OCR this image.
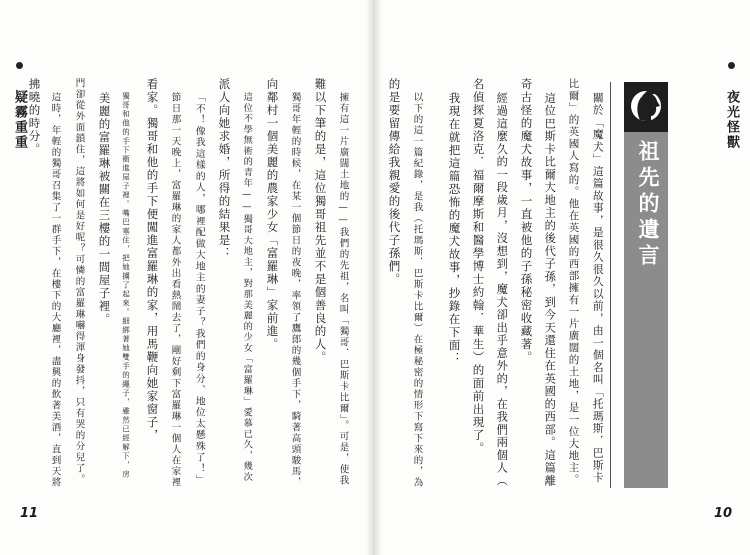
疑霧重重
11
擁有這一片廣闊土地的——我們的先祖，名叫「獨哥．巴斯卡比爾」。可是，使我
難以下筆的是，這位獨哥祖先並不是個善良的人。
獨哥年輕的時候，在某一個節日的夜晚，率領了鷹郎的幾個手下，騎著高頭駿馬，
向鄰村一個美麗的農家少女「富羅琳」家前進。
這位不學無術的青年——獨哥大地主，對那美麗的少女「富羅琳」愛慕已久，幾次
派人向她求婚，所得的結果是：
「不！像我這樣的人，哪裡配做大地主的妻子？我們的身分、地位太懸殊了！」
節日那一天晚上，富羅琳的家人都外出看熱鬧去了，剛好剩下富羅琳一個人在家裡
看家。獨哥和他的手下便闖進富羅琳的家，用馬鞭向她家窗子，
獨哥和他的手下衝進屋子裡。嘴巴塞住，把她擄了起來。細綁著她雙手的繩子，雖然已經解下，房
美麗的富羅琳被關在三樓的一間屋子裡。
門卻從外面鎖住，這將如何是好呢？可憐的富羅琳嚇得渾身發抖，只有哭的分兒了。
這時，年輕的獨哥召集了一群手下，在樓下的大廳裡，盡興的飲著美酒，直到天將
拂曉的時分。	夜光怪獸
10
祖先的遺言
關於「魔犬」這篇故事，是很久很久以前，由一個名叫「托瑪斯．巴斯卡
比爾」的英國人寫的。他在英國的西部擁有一片廣闊的土地，是一位大地主。
這位巴斯卡比爾大地主的後代子孫，到今天還住在英國的西部。這篇離
奇古怪的魔犬故事，一直被他的子孫秘密收藏著。
經過這麼久的一段歲月，沒想到，魔犬卻出乎意外的，在我們兩個人（
名偵探夏洛克．福爾摩斯和醫學博士約翰．華生）的面前出現了。
我現在就把這篇恐怖的魔犬故事，抄錄在下面：
以下的這一篇紀錄，是我（托瑪斯．巴斯卡比爾）在極秘密的情形下寫下來的，為
的是要留傳給我親愛的後代子孫們。
